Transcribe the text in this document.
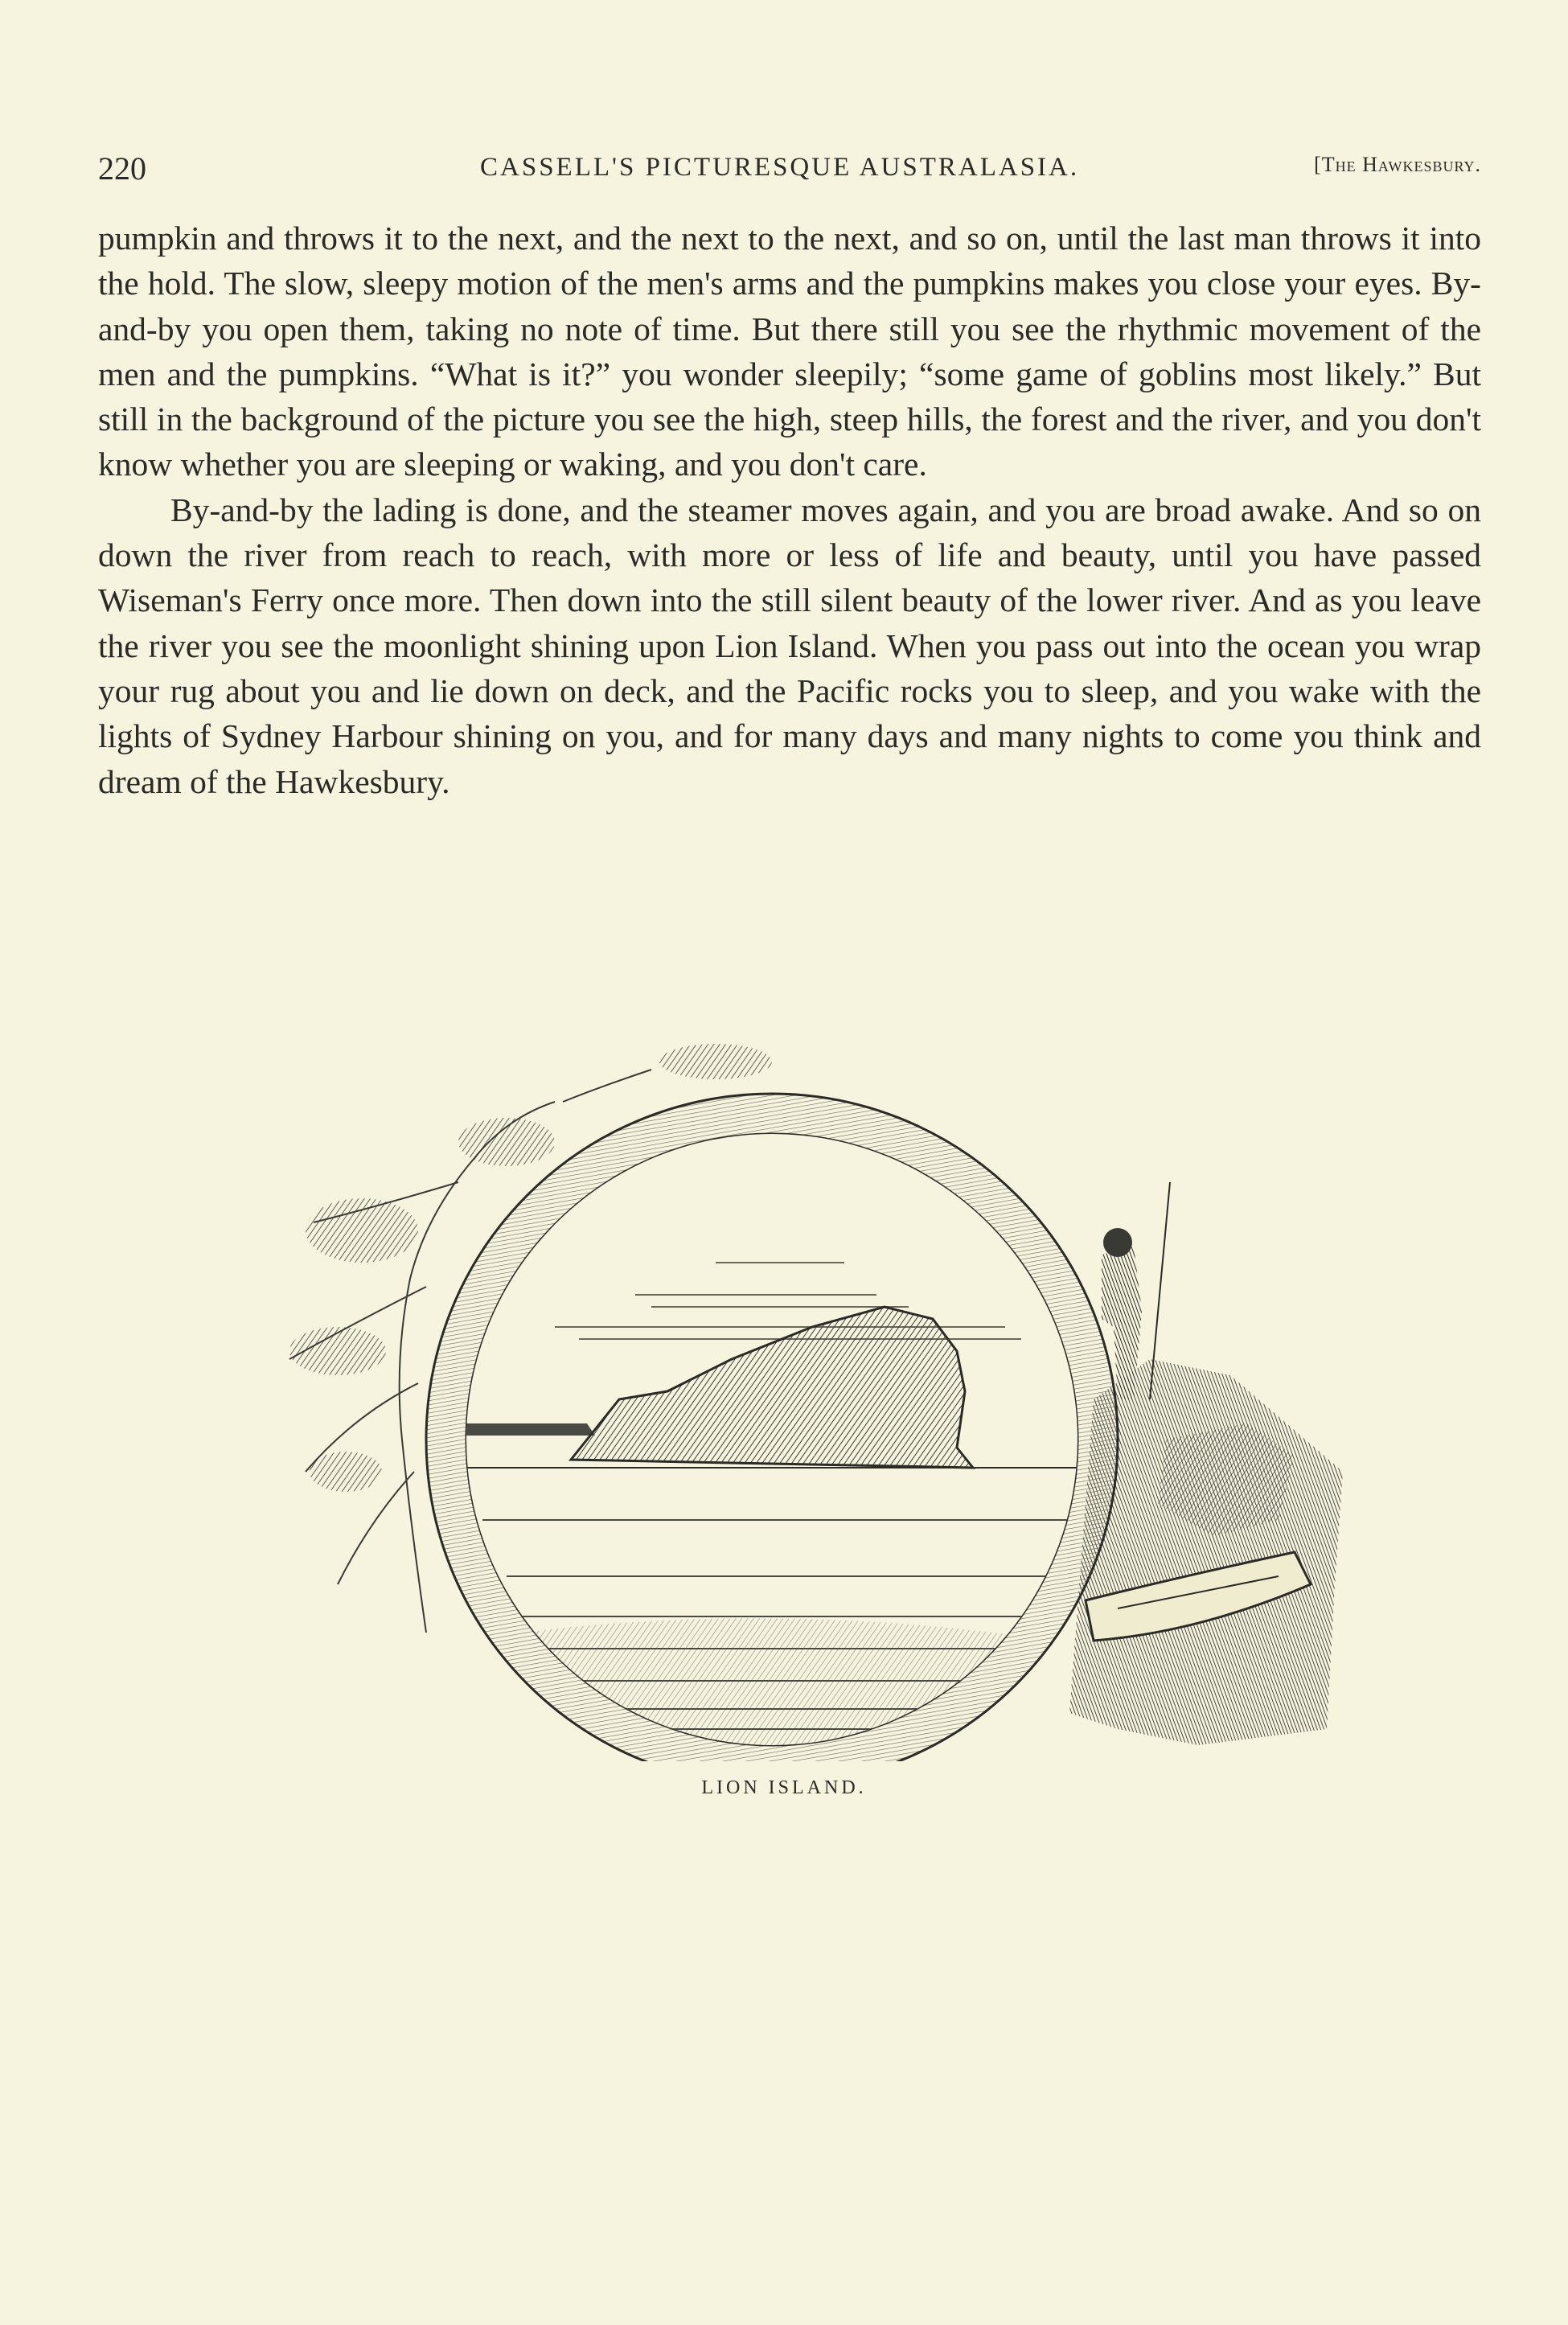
220	CASSELL'S PICTURESQUE AUSTRALASIA.	[The Hawkesbury.

pumpkin and throws it to the next, and the next to the next, and so on, until the last man throws it into the hold. The slow, sleepy motion of the men's arms and the pumpkins makes you close your eyes. By-and-by you open them, taking no note of time. But there still you see the rhythmic movement of the men and the pumpkins. “What is it?” you wonder sleepily; “some game of goblins most likely.” But still in the background of the picture you see the high, steep hills, the forest and the river, and you don't know whether you are sleeping or waking, and you don't care.

By-and-by the lading is done, and the steamer moves again, and you are broad awake. And so on down the river from reach to reach, with more or less of life and beauty, until you have passed Wiseman's Ferry once more. Then down into the still silent beauty of the lower river. And as you leave the river you see the moonlight shining upon Lion Island. When you pass out into the ocean you wrap your rug about you and lie down on deck, and the Pacific rocks you to sleep, and you wake with the lights of Sydney Harbour shining on you, and for many days and many nights to come you think and dream of the Hawkesbury.

LION ISLAND.
